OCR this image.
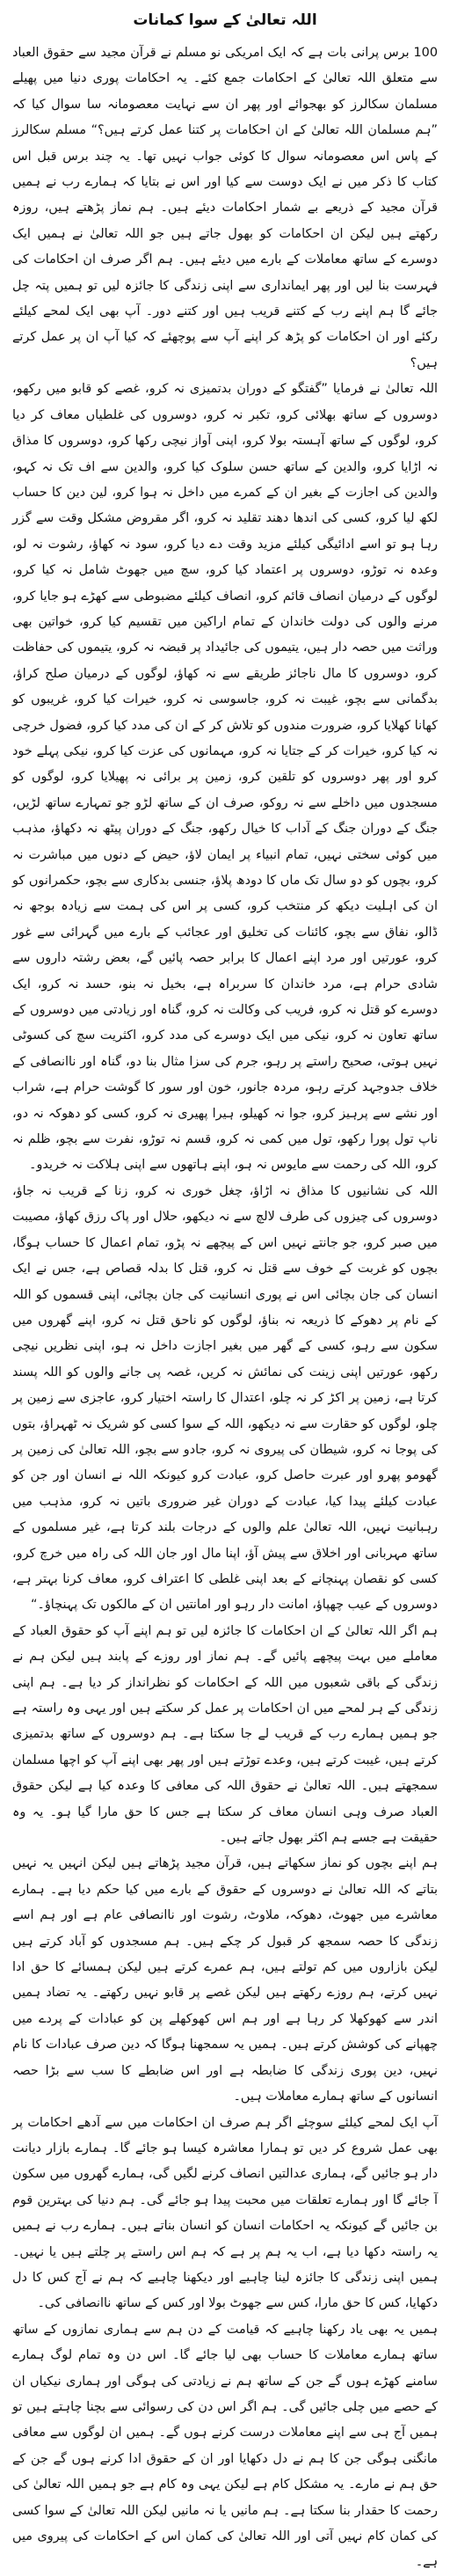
اللہ تعالیٰ کے سوا کمانات

100 برس پرانی بات ہے کہ ایک امریکی نو مسلم نے قرآن مجید سے حقوق العباد سے متعلق اللہ تعالیٰ کے احکامات جمع کئے۔ یہ احکامات پوری دنیا میں پھیلے مسلمان سکالرز کو بھجوائے اور پھر ان سے نہایت معصومانہ سا سوال کیا کہ ”ہم مسلمان اللہ تعالیٰ کے ان احکامات پر کتنا عمل کرتے ہیں؟“ مسلم سکالرز کے پاس اس معصومانہ سوال کا کوئی جواب نہیں تھا۔ یہ چند برس قبل اس کتاب کا ذکر میں نے ایک دوست سے کیا اور اس نے بتایا کہ ہمارے رب نے ہمیں قرآن مجید کے ذریعے بے شمار احکامات دیئے ہیں۔ ہم نماز پڑھتے ہیں، روزہ رکھتے ہیں لیکن ان احکامات کو بھول جاتے ہیں جو اللہ تعالیٰ نے ہمیں ایک دوسرے کے ساتھ معاملات کے بارے میں دیئے ہیں۔ ہم اگر صرف ان احکامات کی فہرست بنا لیں اور پھر ایمانداری سے اپنی زندگی کا جائزہ لیں تو ہمیں پتہ چل جائے گا ہم اپنے رب کے کتنے قریب ہیں اور کتنے دور۔ آپ بھی ایک لمحے کیلئے رکئے اور ان احکامات کو پڑھ کر اپنے آپ سے پوچھئے کہ کیا آپ ان پر عمل کرتے ہیں؟

اللہ تعالیٰ نے فرمایا ”گفتگو کے دوران بدتمیزی نہ کرو، غصے کو قابو میں رکھو، دوسروں کے ساتھ بھلائی کرو، تکبر نہ کرو، دوسروں کی غلطیاں معاف کر دیا کرو، لوگوں کے ساتھ آہستہ بولا کرو، اپنی آواز نیچی رکھا کرو، دوسروں کا مذاق نہ اڑایا کرو، والدین کے ساتھ حسن سلوک کیا کرو، والدین سے اف تک نہ کہو، والدین کی اجازت کے بغیر ان کے کمرے میں داخل نہ ہوا کرو، لین دین کا حساب لکھ لیا کرو، کسی کی اندھا دھند تقلید نہ کرو، اگر مقروض مشکل وقت سے گزر رہا ہو تو اسے ادائیگی کیلئے مزید وقت دے دیا کرو، سود نہ کھاؤ، رشوت نہ لو، وعدہ نہ توڑو، دوسروں پر اعتماد کیا کرو، سچ میں جھوٹ شامل نہ کیا کرو، لوگوں کے درمیان انصاف قائم کرو، انصاف کیلئے مضبوطی سے کھڑے ہو جایا کرو، مرنے والوں کی دولت خاندان کے تمام اراکین میں تقسیم کیا کرو، خواتین بھی وراثت میں حصہ دار ہیں، یتیموں کی جائیداد پر قبضہ نہ کرو، یتیموں کی حفاظت کرو، دوسروں کا مال ناجائز طریقے سے نہ کھاؤ، لوگوں کے درمیان صلح کراؤ، بدگمانی سے بچو، غیبت نہ کرو، جاسوسی نہ کرو، خیرات کیا کرو، غریبوں کو کھانا کھلایا کرو، ضرورت مندوں کو تلاش کر کے ان کی مدد کیا کرو، فضول خرچی نہ کیا کرو، خیرات کر کے جتایا نہ کرو، مہمانوں کی عزت کیا کرو، نیکی پہلے خود کرو اور پھر دوسروں کو تلقین کرو، زمین پر برائی نہ پھیلایا کرو، لوگوں کو مسجدوں میں داخلے سے نہ روکو، صرف ان کے ساتھ لڑو جو تمہارے ساتھ لڑیں، جنگ کے دوران جنگ کے آداب کا خیال رکھو، جنگ کے دوران پیٹھ نہ دکھاؤ، مذہب میں کوئی سختی نہیں، تمام انبیاء پر ایمان لاؤ، حیض کے دنوں میں مباشرت نہ کرو، بچوں کو دو سال تک ماں کا دودھ پلاؤ، جنسی بدکاری سے بچو، حکمرانوں کو ان کی اہلیت دیکھ کر منتخب کرو، کسی پر اس کی ہمت سے زیادہ بوجھ نہ ڈالو، نفاق سے بچو، کائنات کی تخلیق اور عجائب کے بارے میں گہرائی سے غور کرو، عورتیں اور مرد اپنے اعمال کا برابر حصہ پائیں گے، بعض رشتہ داروں سے شادی حرام ہے، مرد خاندان کا سربراہ ہے، بخیل نہ بنو، حسد نہ کرو، ایک دوسرے کو قتل نہ کرو، فریب کی وکالت نہ کرو، گناہ اور زیادتی میں دوسروں کے ساتھ تعاون نہ کرو، نیکی میں ایک دوسرے کی مدد کرو، اکثریت سچ کی کسوٹی نہیں ہوتی، صحیح راستے پر رہو، جرم کی سزا مثال بنا دو، گناہ اور ناانصافی کے خلاف جدوجہد کرتے رہو، مردہ جانور، خون اور سور کا گوشت حرام ہے، شراب اور نشے سے پرہیز کرو، جوا نہ کھیلو، ہیرا پھیری نہ کرو، کسی کو دھوکہ نہ دو، ناپ تول پورا رکھو، تول میں کمی نہ کرو، قسم نہ توڑو، نفرت سے بچو، ظلم نہ کرو، اللہ کی رحمت سے مایوس نہ ہو، اپنے ہاتھوں سے اپنی ہلاکت نہ خریدو۔

اللہ کی نشانیوں کا مذاق نہ اڑاؤ، چغل خوری نہ کرو، زنا کے قریب نہ جاؤ، دوسروں کی چیزوں کی طرف لالچ سے نہ دیکھو، حلال اور پاک رزق کھاؤ، مصیبت میں صبر کرو، جو جانتے نہیں اس کے پیچھے نہ پڑو، تمام اعمال کا حساب ہوگا، بچوں کو غربت کے خوف سے قتل نہ کرو، قتل کا بدلہ قصاص ہے، جس نے ایک انسان کی جان بچائی اس نے پوری انسانیت کی جان بچائی، اپنی قسموں کو اللہ کے نام پر دھوکے کا ذریعہ نہ بناؤ، لوگوں کو ناحق قتل نہ کرو، اپنے گھروں میں سکون سے رہو، کسی کے گھر میں بغیر اجازت داخل نہ ہو، اپنی نظریں نیچی رکھو، عورتیں اپنی زینت کی نمائش نہ کریں، غصہ پی جانے والوں کو اللہ پسند کرتا ہے، زمین پر اکڑ کر نہ چلو، اعتدال کا راستہ اختیار کرو، عاجزی سے زمین پر چلو، لوگوں کو حقارت سے نہ دیکھو، اللہ کے سوا کسی کو شریک نہ ٹھہراؤ، بتوں کی پوجا نہ کرو، شیطان کی پیروی نہ کرو، جادو سے بچو، اللہ تعالیٰ کی زمین پر گھومو پھرو اور عبرت حاصل کرو، عبادت کرو کیونکہ اللہ نے انسان اور جن کو عبادت کیلئے پیدا کیا، عبادت کے دوران غیر ضروری باتیں نہ کرو، مذہب میں رہبانیت نہیں، اللہ تعالیٰ علم والوں کے درجات بلند کرتا ہے، غیر مسلموں کے ساتھ مہربانی اور اخلاق سے پیش آؤ، اپنا مال اور جان اللہ کی راہ میں خرچ کرو، کسی کو نقصان پہنچانے کے بعد اپنی غلطی کا اعتراف کرو، معاف کرنا بہتر ہے، دوسروں کے عیب چھپاؤ، امانت دار رہو اور امانتیں ان کے مالکوں تک پہنچاؤ۔“

ہم اگر اللہ تعالیٰ کے ان احکامات کا جائزہ لیں تو ہم اپنے آپ کو حقوق العباد کے معاملے میں بہت پیچھے پائیں گے۔ ہم نماز اور روزے کے پابند ہیں لیکن ہم نے زندگی کے باقی شعبوں میں اللہ کے احکامات کو نظرانداز کر دیا ہے۔ ہم اپنی زندگی کے ہر لمحے میں ان احکامات پر عمل کر سکتے ہیں اور یہی وہ راستہ ہے جو ہمیں ہمارے رب کے قریب لے جا سکتا ہے۔ ہم دوسروں کے ساتھ بدتمیزی کرتے ہیں، غیبت کرتے ہیں، وعدے توڑتے ہیں اور پھر بھی اپنے آپ کو اچھا مسلمان سمجھتے ہیں۔ اللہ تعالیٰ نے حقوق اللہ کی معافی کا وعدہ کیا ہے لیکن حقوق العباد صرف وہی انسان معاف کر سکتا ہے جس کا حق مارا گیا ہو۔ یہ وہ حقیقت ہے جسے ہم اکثر بھول جاتے ہیں۔

ہم اپنے بچوں کو نماز سکھاتے ہیں، قرآن مجید پڑھاتے ہیں لیکن انہیں یہ نہیں بتاتے کہ اللہ تعالیٰ نے دوسروں کے حقوق کے بارے میں کیا حکم دیا ہے۔ ہمارے معاشرے میں جھوٹ، دھوکہ، ملاوٹ، رشوت اور ناانصافی عام ہے اور ہم اسے زندگی کا حصہ سمجھ کر قبول کر چکے ہیں۔ ہم مسجدوں کو آباد کرتے ہیں لیکن بازاروں میں کم تولتے ہیں، ہم عمرے کرتے ہیں لیکن ہمسائے کا حق ادا نہیں کرتے، ہم روزے رکھتے ہیں لیکن غصے پر قابو نہیں رکھتے۔ یہ تضاد ہمیں اندر سے کھوکھلا کر رہا ہے اور ہم اس کھوکھلے پن کو عبادات کے پردے میں چھپانے کی کوشش کرتے ہیں۔ ہمیں یہ سمجھنا ہوگا کہ دین صرف عبادات کا نام نہیں، دین پوری زندگی کا ضابطہ ہے اور اس ضابطے کا سب سے بڑا حصہ انسانوں کے ساتھ ہمارے معاملات ہیں۔

آپ ایک لمحے کیلئے سوچئے اگر ہم صرف ان احکامات میں سے آدھے احکامات پر بھی عمل شروع کر دیں تو ہمارا معاشرہ کیسا ہو جائے گا۔ ہمارے بازار دیانت دار ہو جائیں گے، ہماری عدالتیں انصاف کرنے لگیں گی، ہمارے گھروں میں سکون آ جائے گا اور ہمارے تعلقات میں محبت پیدا ہو جائے گی۔ ہم دنیا کی بہترین قوم بن جائیں گے کیونکہ یہ احکامات انسان کو انسان بناتے ہیں۔ ہمارے رب نے ہمیں یہ راستہ دکھا دیا ہے، اب یہ ہم پر ہے کہ ہم اس راستے پر چلتے ہیں یا نہیں۔ ہمیں اپنی زندگی کا جائزہ لینا چاہیے اور دیکھنا چاہیے کہ ہم نے آج کس کا دل دکھایا، کس کا حق مارا، کس سے جھوٹ بولا اور کس کے ساتھ ناانصافی کی۔

ہمیں یہ بھی یاد رکھنا چاہیے کہ قیامت کے دن ہم سے ہماری نمازوں کے ساتھ ساتھ ہمارے معاملات کا حساب بھی لیا جائے گا۔ اس دن وہ تمام لوگ ہمارے سامنے کھڑے ہوں گے جن کے ساتھ ہم نے زیادتی کی ہوگی اور ہماری نیکیاں ان کے حصے میں چلی جائیں گی۔ ہم اگر اس دن کی رسوائی سے بچنا چاہتے ہیں تو ہمیں آج ہی سے اپنے معاملات درست کرنے ہوں گے۔ ہمیں ان لوگوں سے معافی مانگنی ہوگی جن کا ہم نے دل دکھایا اور ان کے حقوق ادا کرنے ہوں گے جن کے حق ہم نے مارے۔ یہ مشکل کام ہے لیکن یہی وہ کام ہے جو ہمیں اللہ تعالیٰ کی رحمت کا حقدار بنا سکتا ہے۔ ہم مانیں یا نہ مانیں لیکن اللہ تعالیٰ کے سوا کسی کی کمان کام نہیں آتی اور اللہ تعالیٰ کی کمان اس کے احکامات کی پیروی میں ہے۔
